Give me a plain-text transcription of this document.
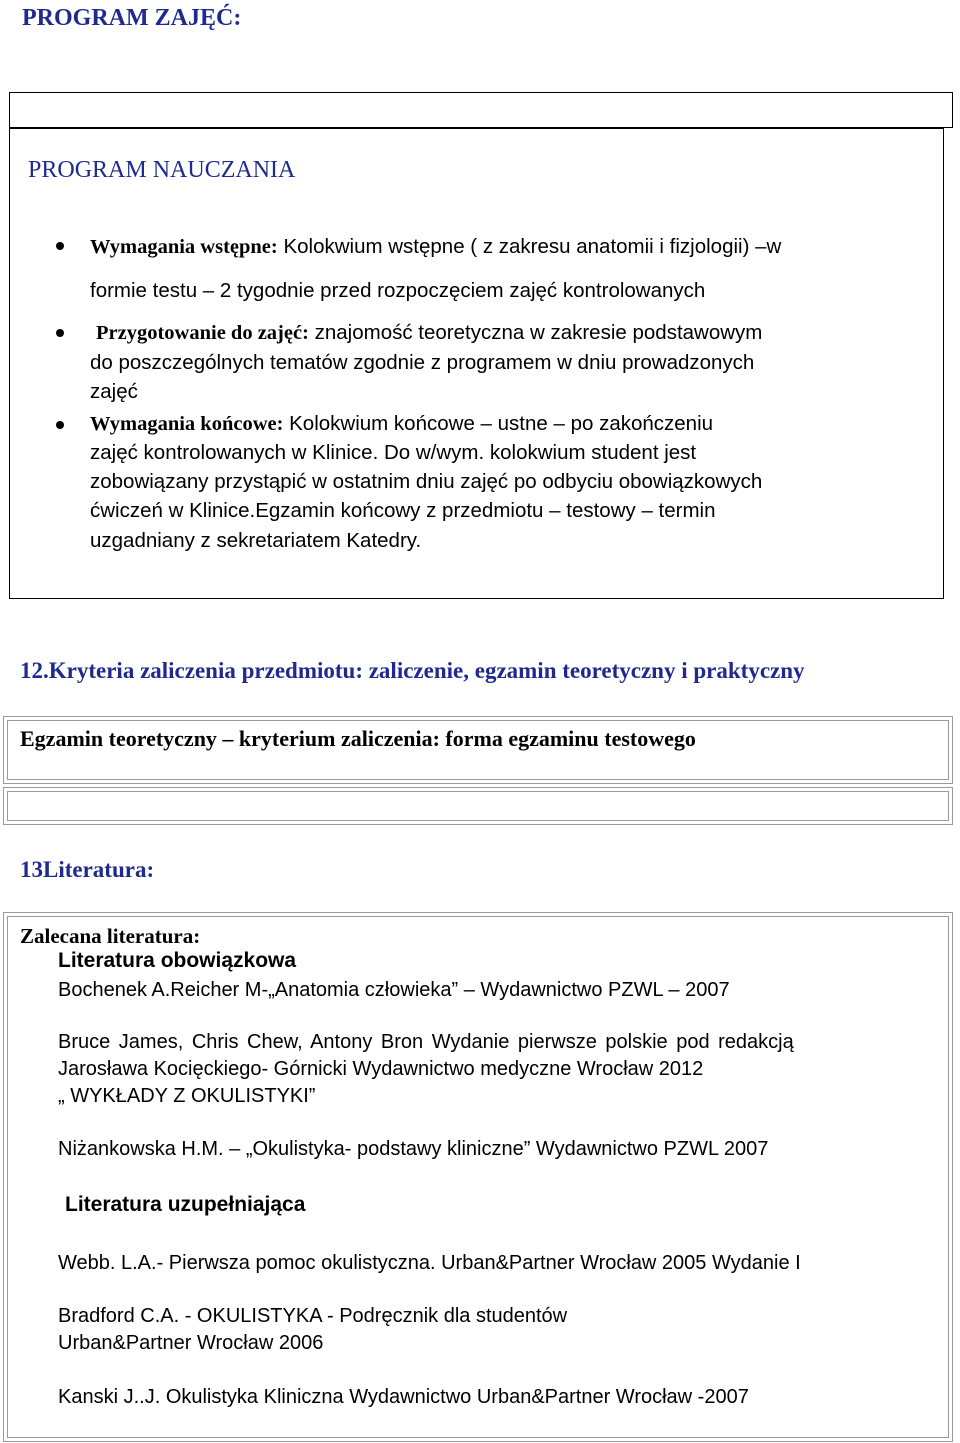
PROGRAM ZAJĘĆ:
PROGRAM NAUCZANIA
Wymagania wstępne: Kolokwium wstępne ( z zakresu anatomii i fizjologii) –w
formie testu – 2 tygodnie przed rozpoczęciem zajęć kontrolowanych
Przygotowanie do zajęć: znajomość teoretyczna w zakresie podstawowym
do poszczególnych tematów zgodnie z programem w dniu prowadzonych
zajęć
Wymagania końcowe: Kolokwium końcowe – ustne – po zakończeniu
zajęć kontrolowanych w Klinice. Do w/wym. kolokwium student jest
zobowiązany przystąpić w ostatnim dniu zajęć po odbyciu obowiązkowych
ćwiczeń w Klinice.Egzamin końcowy z przedmiotu – testowy – termin
uzgadniany z sekretariatem Katedry.
12.Kryteria zaliczenia przedmiotu: zaliczenie, egzamin teoretyczny i praktyczny
Egzamin teoretyczny – kryterium zaliczenia: forma egzaminu testowego
13Literatura:
Zalecana literatura:
Literatura obowiązkowa
Bochenek A.Reicher M-„Anatomia człowieka” – Wydawnictwo PZWL – 2007
Bruce James, Chris Chew, Antony Bron Wydanie pierwsze polskie pod redakcją
Jarosława Kocięckiego- Górnicki Wydawnictwo medyczne Wrocław 2012
„ WYKŁADY Z OKULISTYKI”
Niżankowska H.M. – „Okulistyka- podstawy kliniczne” Wydawnictwo PZWL 2007
Literatura uzupełniająca
Webb. L.A.- Pierwsza pomoc okulistyczna. Urban&Partner Wrocław 2005 Wydanie I
Bradford C.A. - OKULISTYKA - Podręcznik dla studentów
Urban&Partner Wrocław 2006
Kanski J..J. Okulistyka Kliniczna Wydawnictwo Urban&Partner Wrocław -2007
